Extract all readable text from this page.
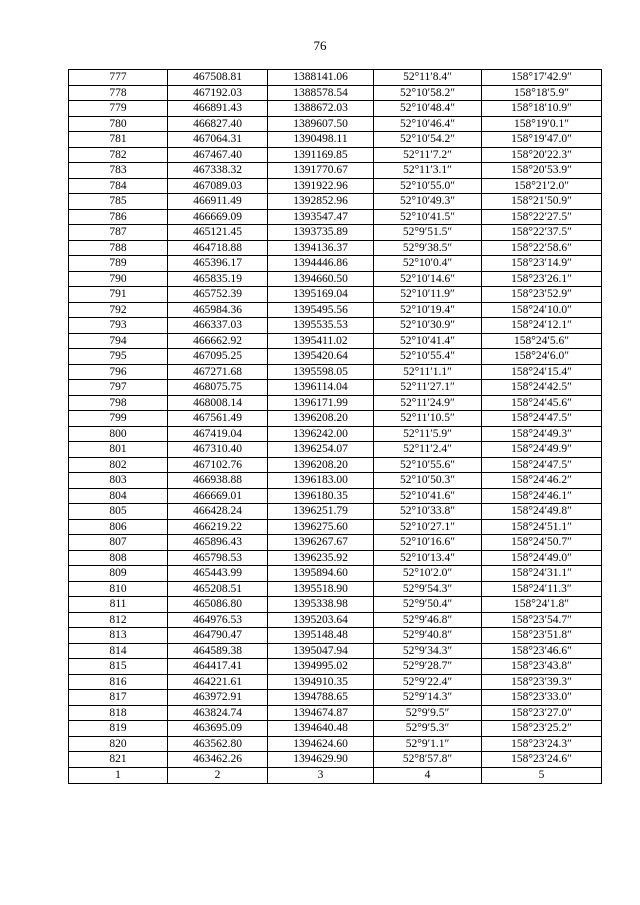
76
777	467508.81	1388141.06	52°11′8.4″	158°17′42.9″
778	467192.03	1388578.54	52°10′58.2″	158°18′5.9″
779	466891.43	1388672.03	52°10′48.4″	158°18′10.9″
780	466827.40	1389607.50	52°10′46.4″	158°19′0.1″
781	467064.31	1390498.11	52°10′54.2″	158°19′47.0″
782	467467.40	1391169.85	52°11′7.2″	158°20′22.3″
783	467338.32	1391770.67	52°11′3.1″	158°20′53.9″
784	467089.03	1391922.96	52°10′55.0″	158°21′2.0″
785	466911.49	1392852.96	52°10′49.3″	158°21′50.9″
786	466669.09	1393547.47	52°10′41.5″	158°22′27.5″
787	465121.45	1393735.89	52°9′51.5″	158°22′37.5″
788	464718.88	1394136.37	52°9′38.5″	158°22′58.6″
789	465396.17	1394446.86	52°10′0.4″	158°23′14.9″
790	465835.19	1394660.50	52°10′14.6″	158°23′26.1″
791	465752.39	1395169.04	52°10′11.9″	158°23′52.9″
792	465984.36	1395495.56	52°10′19.4″	158°24′10.0″
793	466337.03	1395535.53	52°10′30.9″	158°24′12.1″
794	466662.92	1395411.02	52°10′41.4″	158°24′5.6″
795	467095.25	1395420.64	52°10′55.4″	158°24′6.0″
796	467271.68	1395598.05	52°11′1.1″	158°24′15.4″
797	468075.75	1396114.04	52°11′27.1″	158°24′42.5″
798	468008.14	1396171.99	52°11′24.9″	158°24′45.6″
799	467561.49	1396208.20	52°11′10.5″	158°24′47.5″
800	467419.04	1396242.00	52°11′5.9″	158°24′49.3″
801	467310.40	1396254.07	52°11′2.4″	158°24′49.9″
802	467102.76	1396208.20	52°10′55.6″	158°24′47.5″
803	466938.88	1396183.00	52°10′50.3″	158°24′46.2″
804	466669.01	1396180.35	52°10′41.6″	158°24′46.1″
805	466428.24	1396251.79	52°10′33.8″	158°24′49.8″
806	466219.22	1396275.60	52°10′27.1″	158°24′51.1″
807	465896.43	1396267.67	52°10′16.6″	158°24′50.7″
808	465798.53	1396235.92	52°10′13.4″	158°24′49.0″
809	465443.99	1395894.60	52°10′2.0″	158°24′31.1″
810	465208.51	1395518.90	52°9′54.3″	158°24′11.3″
811	465086.80	1395338.98	52°9′50.4″	158°24′1.8″
812	464976.53	1395203.64	52°9′46.8″	158°23′54.7″
813	464790.47	1395148.48	52°9′40.8″	158°23′51.8″
814	464589.38	1395047.94	52°9′34.3″	158°23′46.6″
815	464417.41	1394995.02	52°9′28.7″	158°23′43.8″
816	464221.61	1394910.35	52°9′22.4″	158°23′39.3″
817	463972.91	1394788.65	52°9′14.3″	158°23′33.0″
818	463824.74	1394674.87	52°9′9.5″	158°23′27.0″
819	463695.09	1394640.48	52°9′5.3″	158°23′25.2″
820	463562.80	1394624.60	52°9′1.1″	158°23′24.3″
821	463462.26	1394629.90	52°8′57.8″	158°23′24.6″
1	2	3	4	5
